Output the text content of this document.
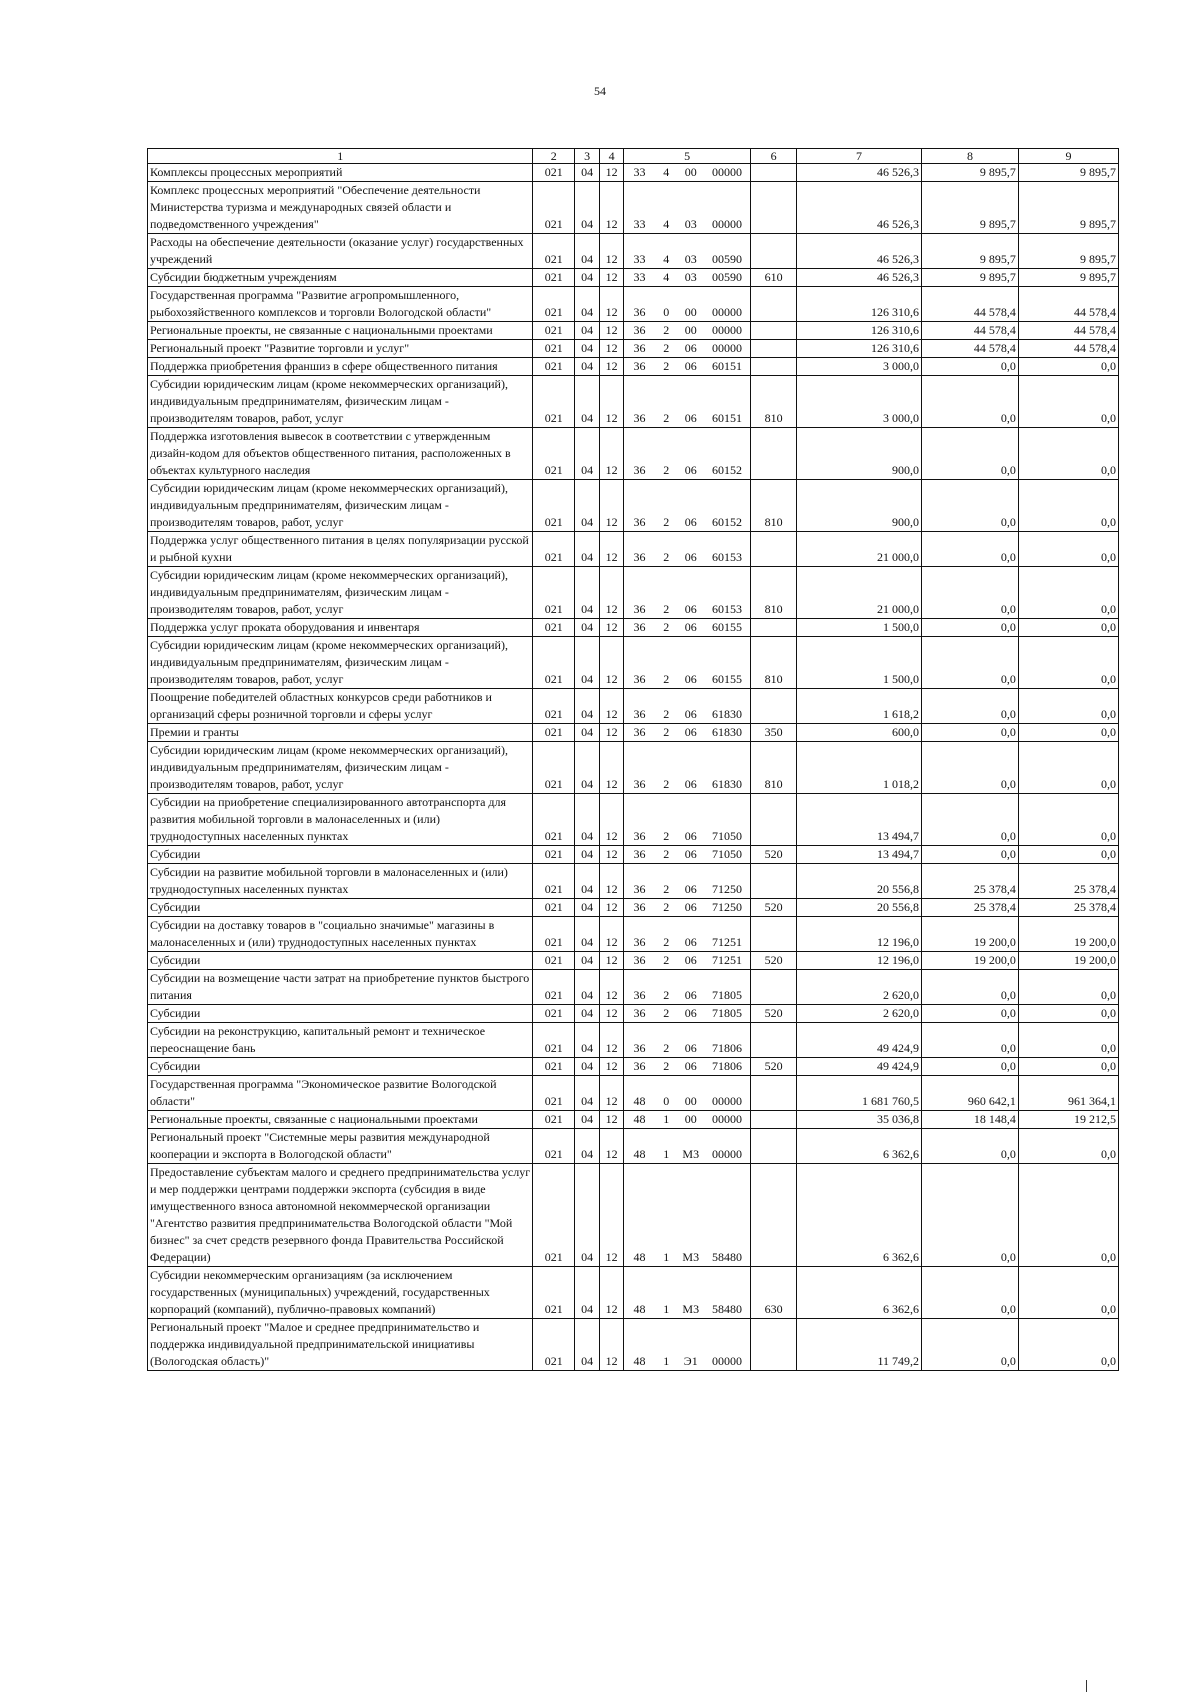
54
1	2	3	4	5				6	7	8	9
Комплексы процессных мероприятий	021	04	12	33	4	00	00000		46 526,3	9 895,7	9 895,7
Комплекс процессных мероприятий "Обеспечение деятельности Министерства туризма и международных связей области и подведомственного учреждения"	021	04	12	33	4	03	00000		46 526,3	9 895,7	9 895,7
Расходы на обеспечение деятельности (оказание услуг) государственных учреждений	021	04	12	33	4	03	00590		46 526,3	9 895,7	9 895,7
Субсидии бюджетным учреждениям	021	04	12	33	4	03	00590	610	46 526,3	9 895,7	9 895,7
Государственная программа "Развитие агропромышленного, рыбохозяйственного комплексов и торговли Вологодской области"	021	04	12	36	0	00	00000		126 310,6	44 578,4	44 578,4
Региональные проекты, не связанные с национальными проектами	021	04	12	36	2	00	00000		126 310,6	44 578,4	44 578,4
Региональный проект "Развитие торговли и услуг"	021	04	12	36	2	06	00000		126 310,6	44 578,4	44 578,4
Поддержка приобретения франшиз в сфере общественного питания	021	04	12	36	2	06	60151		3 000,0	0,0	0,0
Субсидии юридическим лицам (кроме некоммерческих организаций), индивидуальным предпринимателям, физическим лицам - производителям товаров, работ, услуг	021	04	12	36	2	06	60151	810	3 000,0	0,0	0,0
Поддержка изготовления вывесок в соответствии с утвержденным дизайн-кодом для объектов общественного питания, расположенных в объектах культурного наследия	021	04	12	36	2	06	60152		900,0	0,0	0,0
Субсидии юридическим лицам (кроме некоммерческих организаций), индивидуальным предпринимателям, физическим лицам - производителям товаров, работ, услуг	021	04	12	36	2	06	60152	810	900,0	0,0	0,0
Поддержка услуг общественного питания в целях популяризации русской и рыбной кухни	021	04	12	36	2	06	60153		21 000,0	0,0	0,0
Субсидии юридическим лицам (кроме некоммерческих организаций), индивидуальным предпринимателям, физическим лицам - производителям товаров, работ, услуг	021	04	12	36	2	06	60153	810	21 000,0	0,0	0,0
Поддержка услуг проката оборудования и инвентаря	021	04	12	36	2	06	60155		1 500,0	0,0	0,0
Субсидии юридическим лицам (кроме некоммерческих организаций), индивидуальным предпринимателям, физическим лицам - производителям товаров, работ, услуг	021	04	12	36	2	06	60155	810	1 500,0	0,0	0,0
Поощрение победителей областных конкурсов среди работников и организаций сферы розничной торговли и сферы услуг	021	04	12	36	2	06	61830		1 618,2	0,0	0,0
Премии и гранты	021	04	12	36	2	06	61830	350	600,0	0,0	0,0
Субсидии юридическим лицам (кроме некоммерческих организаций), индивидуальным предпринимателям, физическим лицам - производителям товаров, работ, услуг	021	04	12	36	2	06	61830	810	1 018,2	0,0	0,0
Субсидии на приобретение специализированного автотранспорта для развития мобильной торговли в малонаселенных и (или) труднодоступных населенных пунктах	021	04	12	36	2	06	71050		13 494,7	0,0	0,0
Субсидии	021	04	12	36	2	06	71050	520	13 494,7	0,0	0,0
Субсидии на развитие мобильной торговли в малонаселенных и (или) труднодоступных населенных пунктах	021	04	12	36	2	06	71250		20 556,8	25 378,4	25 378,4
Субсидии	021	04	12	36	2	06	71250	520	20 556,8	25 378,4	25 378,4
Субсидии на доставку товаров в "социально значимые" магазины в малонаселенных и (или) труднодоступных населенных пунктах	021	04	12	36	2	06	71251		12 196,0	19 200,0	19 200,0
Субсидии	021	04	12	36	2	06	71251	520	12 196,0	19 200,0	19 200,0
Субсидии на возмещение части затрат на приобретение пунктов быстрого питания	021	04	12	36	2	06	71805		2 620,0	0,0	0,0
Субсидии	021	04	12	36	2	06	71805	520	2 620,0	0,0	0,0
Субсидии на реконструкцию, капитальный ремонт и техническое переоснащение бань	021	04	12	36	2	06	71806		49 424,9	0,0	0,0
Субсидии	021	04	12	36	2	06	71806	520	49 424,9	0,0	0,0
Государственная программа "Экономическое развитие Вологодской области"	021	04	12	48	0	00	00000		1 681 760,5	960 642,1	961 364,1
Региональные проекты, связанные с национальными проектами	021	04	12	48	1	00	00000		35 036,8	18 148,4	19 212,5
Региональный проект "Системные меры развития международной кооперации и экспорта в Вологодской области"	021	04	12	48	1	М3	00000		6 362,6	0,0	0,0
Предоставление субъектам малого и среднего предпринимательства услуг и мер поддержки центрами поддержки экспорта (субсидия в виде имущественного взноса автономной некоммерческой организации "Агентство развития предпринимательства Вологодской области "Мой бизнес" за счет средств резервного фонда Правительства Российской Федерации)	021	04	12	48	1	М3	58480		6 362,6	0,0	0,0
Субсидии некоммерческим организациям (за исключением государственных (муниципальных) учреждений, государственных корпораций (компаний), публично-правовых компаний)	021	04	12	48	1	М3	58480	630	6 362,6	0,0	0,0
Региональный проект "Малое и среднее предпринимательство и поддержка индивидуальной предпринимательской инициативы (Вологодская область)"	021	04	12	48	1	Э1	00000		11 749,2	0,0	0,0
